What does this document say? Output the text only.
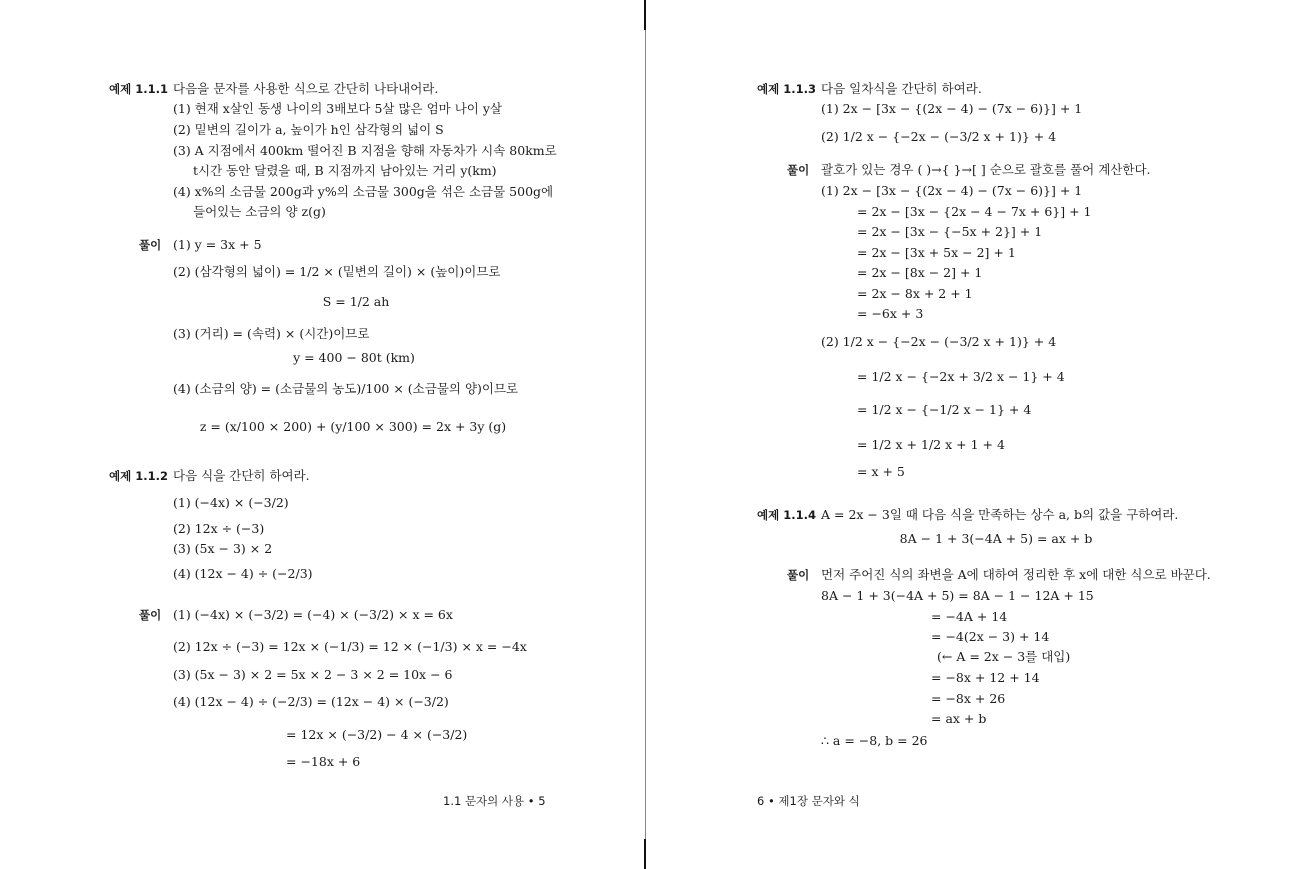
예제 1.1.1 다음을 문자를 사용한 식으로 간단히 나타내어라.
(1) 현재 x살인 동생 나이의 3배보다 5살 많은 엄마 나이 y살
(2) 밑변의 길이가 a, 높이가 h인 삼각형의 넓이 S
(3) A 지점에서 400km 떨어진 B 지점을 향해 자동차가 시속 80km로
t시간 동안 달렸을 때, B 지점까지 남아있는 거리 y(km)
(4) x%의 소금물 200g과 y%의 소금물 300g을 섞은 소금물 500g에
들어있는 소금의 양 z(g)
풀이 (1) y = 3x + 5
(2) (삼각형의 넓이) = 1/2 × (밑변의 길이) × (높이)이므로
S = 1/2 ah
(3) (거리) = (속력) × (시간)이므로
y = 400 − 80t (km)
(4) (소금의 양) = (소금물의 농도)/100 × (소금물의 양)이므로
z = (x/100 × 200) + (y/100 × 300) = 2x + 3y (g)
예제 1.1.2 다음 식을 간단히 하여라.
(1) (−4x) × (−3/2)
(2) 12x ÷ (−3)
(3) (5x − 3) × 2
(4) (12x − 4) ÷ (−2/3)
풀이 (1) (−4x) × (−3/2) = (−4) × (−3/2) × x = 6x
(2) 12x ÷ (−3) = 12x × (−1/3) = 12 × (−1/3) × x = −4x
(3) (5x − 3) × 2 = 5x × 2 − 3 × 2 = 10x − 6
(4) (12x − 4) ÷ (−2/3) = (12x − 4) × (−3/2)
= 12x × (−3/2) − 4 × (−3/2)
= −18x + 6
1.1 문자의 사용 • 5
예제 1.1.3 다음 일차식을 간단히 하여라.
(1) 2x − [3x − {(2x − 4) − (7x − 6)}] + 1
(2) 1/2 x − {−2x − (−3/2 x + 1)} + 4
풀이 괄호가 있는 경우 ( )→{ }→[ ] 순으로 괄호를 풀어 계산한다.
(1) 2x − [3x − {(2x − 4) − (7x − 6)}] + 1
= 2x − [3x − {2x − 4 − 7x + 6}] + 1
= 2x − [3x − {−5x + 2}] + 1
= 2x − [3x + 5x − 2] + 1
= 2x − [8x − 2] + 1
= 2x − 8x + 2 + 1
= −6x + 3
(2) 1/2 x − {−2x − (−3/2 x + 1)} + 4
= 1/2 x − {−2x + 3/2 x − 1} + 4
= 1/2 x − {−1/2 x − 1} + 4
= 1/2 x + 1/2 x + 1 + 4
= x + 5
예제 1.1.4 A = 2x − 3일 때 다음 식을 만족하는 상수 a, b의 값을 구하여라.
8A − 1 + 3(−4A + 5) = ax + b
풀이 먼저 주어진 식의 좌변을 A에 대하여 정리한 후 x에 대한 식으로 바꾼다.
8A − 1 + 3(−4A + 5) = 8A − 1 − 12A + 15
= −4A + 14
= −4(2x − 3) + 14
(← A = 2x − 3를 대입)
= −8x + 12 + 14
= −8x + 26
= ax + b
∴ a = −8, b = 26
6 • 제1장 문자와 식
